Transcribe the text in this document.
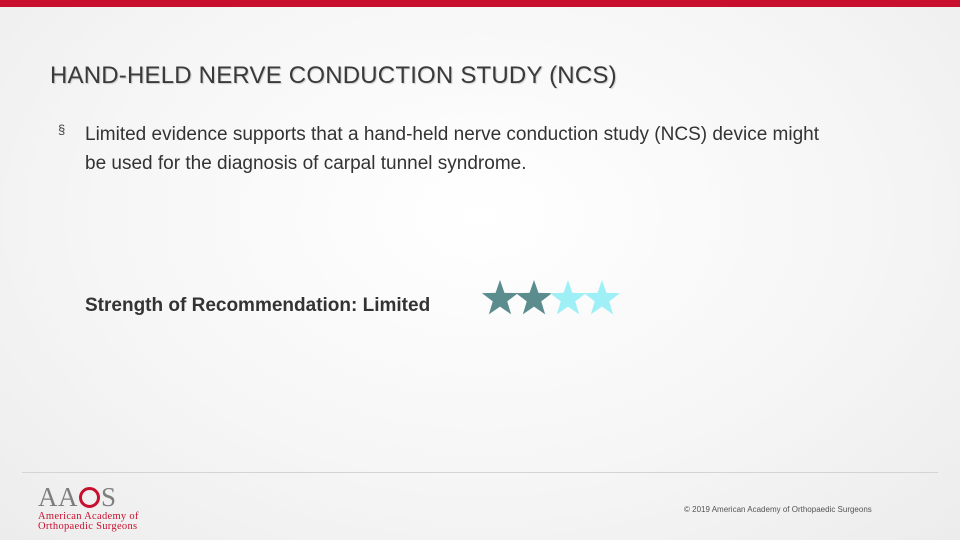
HAND-HELD NERVE CONDUCTION STUDY (NCS)
§ Limited evidence supports that a hand-held nerve conduction study (NCS) device might be used for the diagnosis of carpal tunnel syndrome.
Strength of Recommendation: Limited
AA S
American Academy of
Orthopaedic Surgeons
© 2019 American Academy of Orthopaedic Surgeons
